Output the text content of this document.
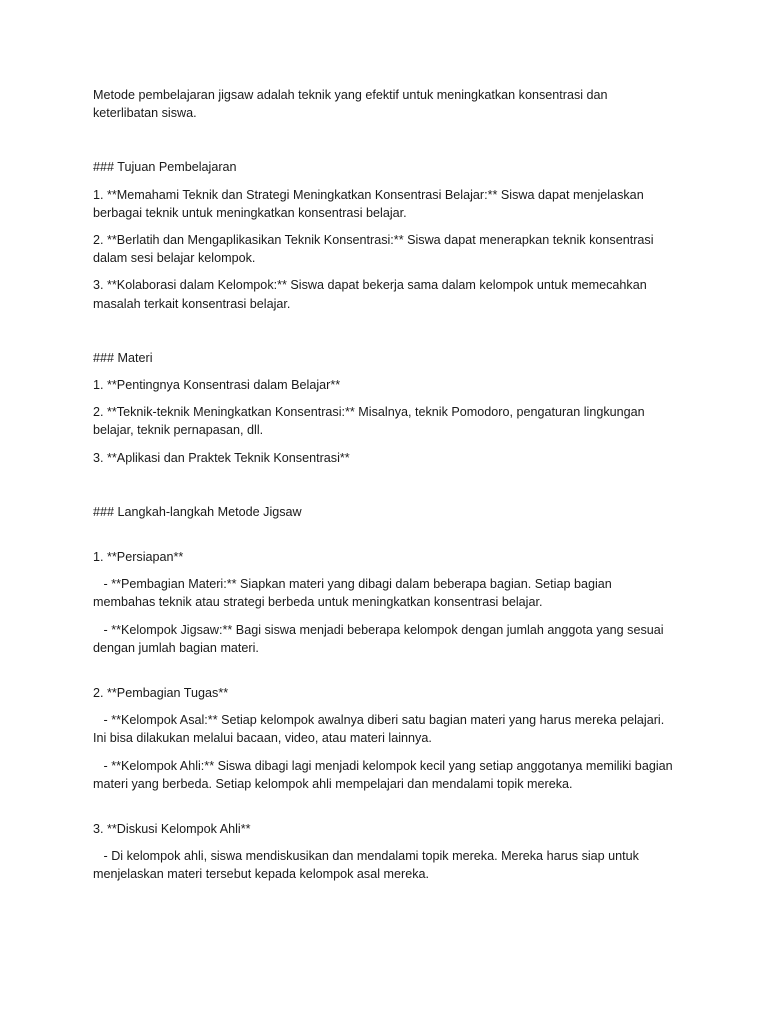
Metode pembelajaran jigsaw adalah teknik yang efektif untuk meningkatkan konsentrasi dan keterlibatan siswa.

### Tujuan Pembelajaran

1. **Memahami Teknik dan Strategi Meningkatkan Konsentrasi Belajar:** Siswa dapat menjelaskan berbagai teknik untuk meningkatkan konsentrasi belajar.

2. **Berlatih dan Mengaplikasikan Teknik Konsentrasi:** Siswa dapat menerapkan teknik konsentrasi dalam sesi belajar kelompok.

3. **Kolaborasi dalam Kelompok:** Siswa dapat bekerja sama dalam kelompok untuk memecahkan masalah terkait konsentrasi belajar.

### Materi

1. **Pentingnya Konsentrasi dalam Belajar**

2. **Teknik-teknik Meningkatkan Konsentrasi:** Misalnya, teknik Pomodoro, pengaturan lingkungan belajar, teknik pernapasan, dll.

3. **Aplikasi dan Praktek Teknik Konsentrasi**

### Langkah-langkah Metode Jigsaw

1. **Persiapan**

- **Pembagian Materi:** Siapkan materi yang dibagi dalam beberapa bagian. Setiap bagian membahas teknik atau strategi berbeda untuk meningkatkan konsentrasi belajar.

- **Kelompok Jigsaw:** Bagi siswa menjadi beberapa kelompok dengan jumlah anggota yang sesuai dengan jumlah bagian materi.

2. **Pembagian Tugas**

- **Kelompok Asal:** Setiap kelompok awalnya diberi satu bagian materi yang harus mereka pelajari. Ini bisa dilakukan melalui bacaan, video, atau materi lainnya.

- **Kelompok Ahli:** Siswa dibagi lagi menjadi kelompok kecil yang setiap anggotanya memiliki bagian materi yang berbeda. Setiap kelompok ahli mempelajari dan mendalami topik mereka.

3. **Diskusi Kelompok Ahli**

- Di kelompok ahli, siswa mendiskusikan dan mendalami topik mereka. Mereka harus siap untuk menjelaskan materi tersebut kepada kelompok asal mereka.
